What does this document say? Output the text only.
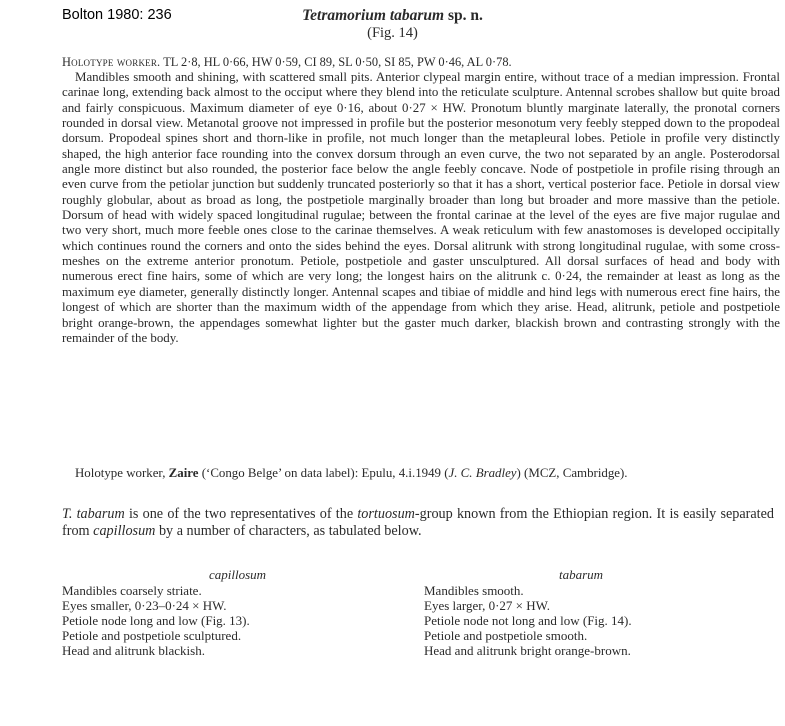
Bolton 1980: 236	Tetramorium tabarum sp. n.
(Fig. 14)
Holotype worker. TL 2·8, HL 0·66, HW 0·59, CI 89, SL 0·50, SI 85, PW 0·46, AL 0·78.

Mandibles smooth and shining, with scattered small pits. Anterior clypeal margin entire, without trace of a median impression. Frontal carinae long, extending back almost to the occiput where they blend into the reticulate sculpture. Antennal scrobes shallow but quite broad and fairly conspicuous. Maximum diameter of eye 0·16, about 0·27 × HW. Pronotum bluntly marginate laterally, the pronotal corners rounded in dorsal view. Metanotal groove not impressed in profile but the posterior mesonotum very feebly stepped down to the propodeal dorsum. Propodeal spines short and thorn-like in profile, not much longer than the metapleural lobes. Petiole in profile very distinctly shaped, the high anterior face rounding into the convex dorsum through an even curve, the two not separated by an angle. Posterodorsal angle more distinct but also rounded, the posterior face below the angle feebly concave. Node of postpetiole in profile rising through an even curve from the petiolar junction but suddenly truncated posteriorly so that it has a short, vertical posterior face. Petiole in dorsal view roughly globular, about as broad as long, the postpetiole marginally broader than long but broader and more massive than the petiole. Dorsum of head with widely spaced longitudinal rugulae; between the frontal carinae at the level of the eyes are five major rugulae and two very short, much more feeble ones close to the carinae themselves. A weak reticulum with few anastomoses is developed occipitally which continues round the corners and onto the sides behind the eyes. Dorsal alitrunk with strong longitudinal rugulae, with some cross-meshes on the extreme anterior pronotum. Petiole, postpetiole and gaster unsculptured. All dorsal surfaces of head and body with numerous erect fine hairs, some of which are very long; the longest hairs on the alitrunk c. 0·24, the remainder at least as long as the maximum eye diameter, generally distinctly longer. Antennal scapes and tibiae of middle and hind legs with numerous erect fine hairs, the longest of which are shorter than the maximum width of the appendage from which they arise. Head, alitrunk, petiole and postpetiole bright orange-brown, the appendages somewhat lighter but the gaster much darker, blackish brown and contrasting strongly with the remainder of the body.

Holotype worker, Zaire (‘Congo Belge’ on data label): Epulu, 4.i.1949 (J. C. Bradley) (MCZ, Cambridge).

T. tabarum is one of the two representatives of the tortuosum-group known from the Ethiopian region. It is easily separated from capillosum by a number of characters, as tabulated below.

capillosum
Mandibles coarsely striate.
Eyes smaller, 0·23–0·24 × HW.
Petiole node long and low (Fig. 13).
Petiole and postpetiole sculptured.
Head and alitrunk blackish.
tabarum
Mandibles smooth.
Eyes larger, 0·27 × HW.
Petiole node not long and low (Fig. 14).
Petiole and postpetiole smooth.
Head and alitrunk bright orange-brown.
